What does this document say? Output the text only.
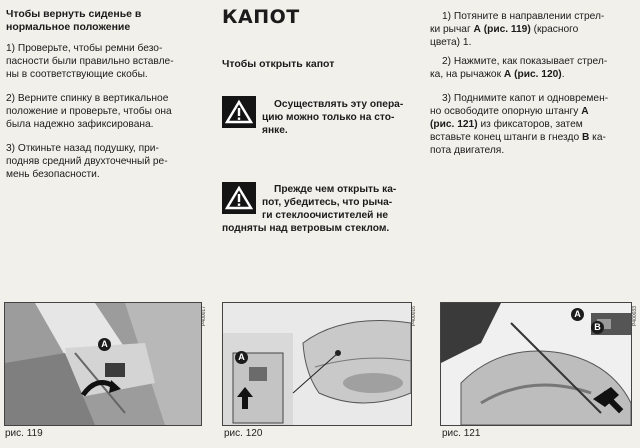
Чтобы вернуть сиденье в
нормальное положение
1) Проверьте, чтобы ремни безо-
пасности были правильно вставле-
ны в соответствующие скобы.
2) Верните спинку в вертикальное
положение и проверьте, чтобы она
была надежно зафиксирована.
3) Откиньте назад подушку, при-
подняв средний двухточечный ре-
мень безопасности.
КАПОТ
Чтобы открыть капот
Осуществлять эту опера-
цию можно только на сто-
янке.
Прежде чем открыть ка-
пот, убедитесь, что рыча-
ги стеклоочистителей не
подняты над ветровым стеклом.
1) Потяните в направлении стрел-
ки рычаг A (рис. 119) (красного
цвета) 1.
2) Нажмите, как показывает стрел-
ка, на рычажок A (рис. 120).
3) Поднимите капот и одновремен-
но освободите опорную штангу A
(рис. 121) из фиксаторов, затем
вставьте конец штанги в гнездо B ка-
пота двигателя.
A
P400017
рис. 119
A
P400016
рис. 120
A
B
P400033
рис. 121
